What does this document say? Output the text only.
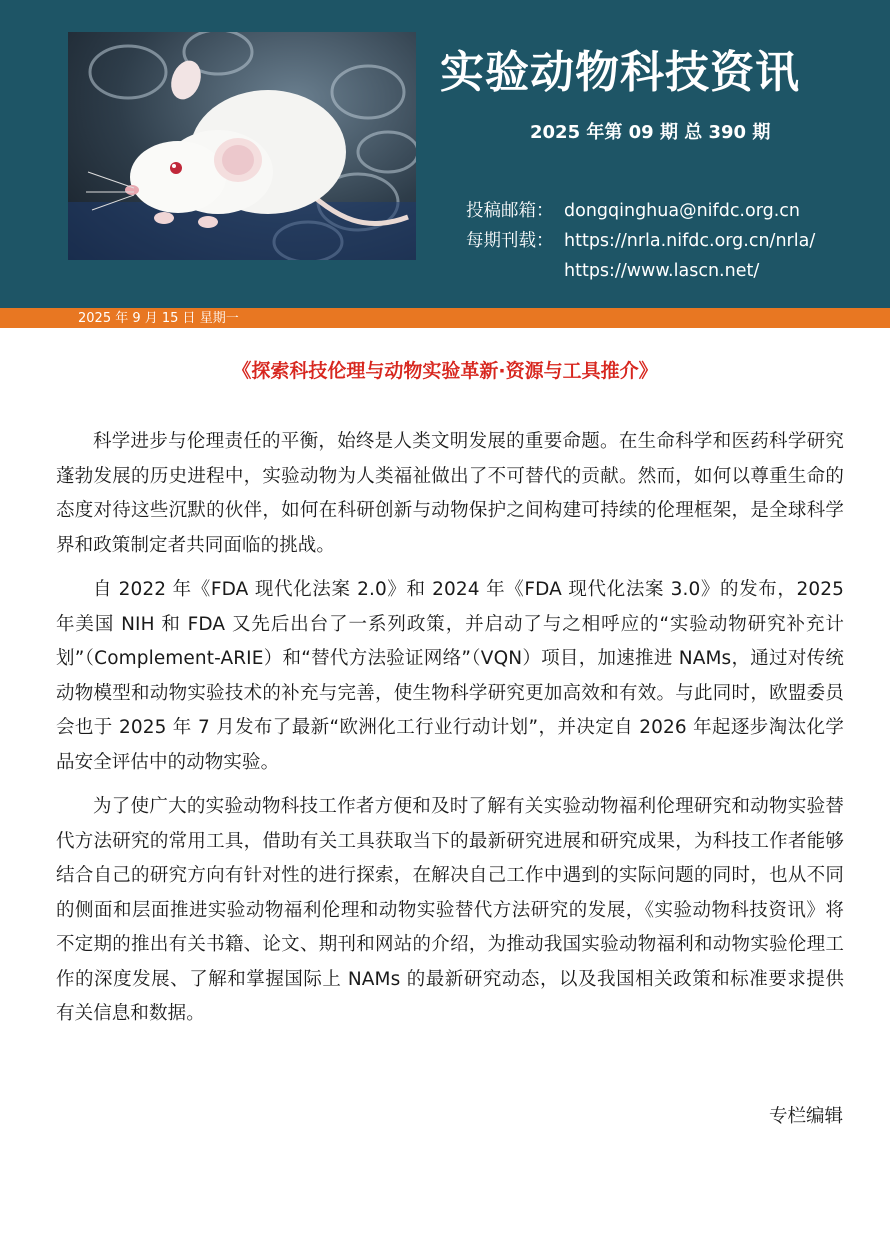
实验动物科技资讯
2025 年第 09 期 总 390 期
投稿邮箱： dongqinghua@nifdc.org.cn
每期刊载： https://nrla.nifdc.org.cn/nrla/
https://www.lascn.net/
2025 年 9 月 15 日 星期一
《探索科技伦理与动物实验革新·资源与工具推介》

科学进步与伦理责任的平衡，始终是人类文明发展的重要命题。在生命科学和医药科学研究蓬勃发展的历史进程中，实验动物为人类福祉做出了不可替代的贡献。然而，如何以尊重生命的态度对待这些沉默的伙伴，如何在科研创新与动物保护之间构建可持续的伦理框架，是全球科学界和政策制定者共同面临的挑战。

自 2022 年《FDA 现代化法案 2.0》和 2024 年《FDA 现代化法案 3.0》的发布，2025 年美国 NIH 和 FDA 又先后出台了一系列政策，并启动了与之相呼应的“实验动物研究补充计划”（Complement-ARIE）和“替代方法验证网络”（VQN）项目，加速推进 NAMs，通过对传统动物模型和动物实验技术的补充与完善，使生物科学研究更加高效和有效。与此同时，欧盟委员会也于 2025 年 7 月发布了最新“欧洲化工行业行动计划”，并决定自 2026 年起逐步淘汰化学品安全评估中的动物实验。

为了使广大的实验动物科技工作者方便和及时了解有关实验动物福利伦理研究和动物实验替代方法研究的常用工具，借助有关工具获取当下的最新研究进展和研究成果，为科技工作者能够结合自己的研究方向有针对性的进行探索，在解决自己工作中遇到的实际问题的同时，也从不同的侧面和层面推进实验动物福利伦理和动物实验替代方法研究的发展，《实验动物科技资讯》将不定期的推出有关书籍、论文、期刊和网站的介绍，为推动我国实验动物福利和动物实验伦理工作的深度发展、了解和掌握国际上 NAMs 的最新研究动态，以及我国相关政策和标准要求提供有关信息和数据。

专栏编辑
